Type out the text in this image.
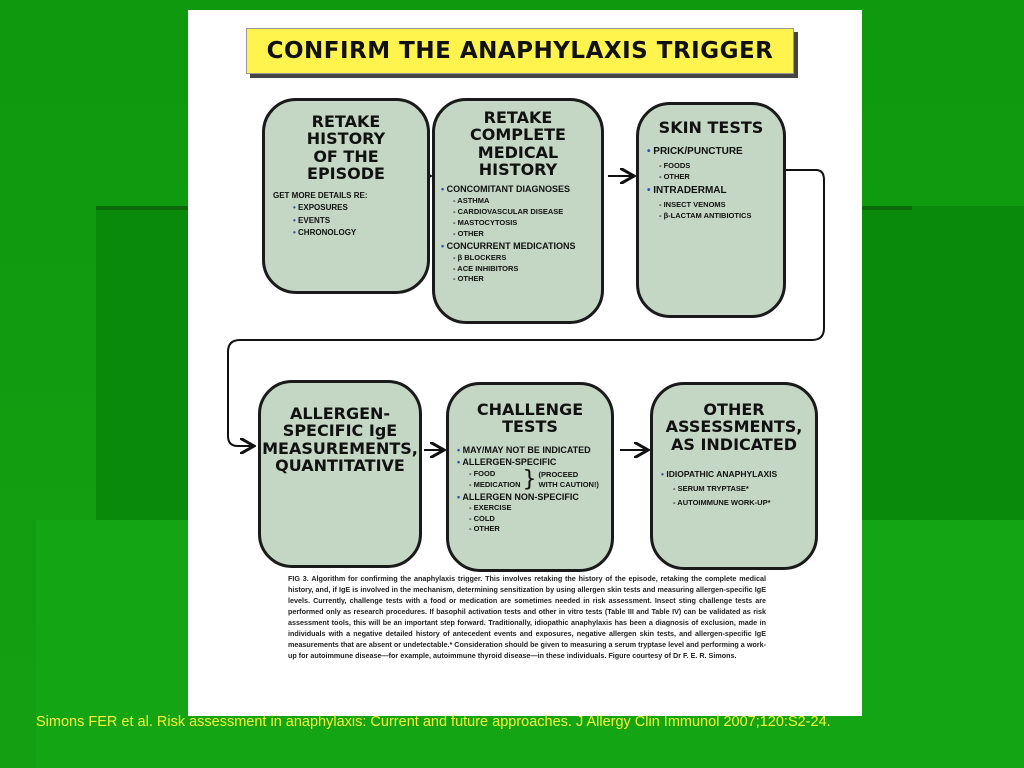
CONFIRM THE ANAPHYLAXIS TRIGGER
RETAKE
HISTORY
OF THE
EPISODE
GET MORE DETAILS RE:
• EXPOSURES
• EVENTS
• CHRONOLOGY
RETAKE
COMPLETE
MEDICAL
HISTORY
• CONCOMITANT DIAGNOSES
- ASTHMA
- CARDIOVASCULAR DISEASE
- MASTOCYTOSIS
- OTHER
• CONCURRENT MEDICATIONS
- β BLOCKERS
- ACE INHIBITORS
- OTHER
SKIN TESTS
• PRICK/PUNCTURE
- FOODS
- OTHER
• INTRADERMAL
- INSECT VENOMS
- β-LACTAM ANTIBIOTICS
ALLERGEN-
SPECIFIC IgE
MEASUREMENTS,
QUANTITATIVE
CHALLENGE
TESTS
• MAY/MAY NOT BE INDICATED
• ALLERGEN-SPECIFIC
- FOOD
- MEDICATION } (PROCEED
WITH CAUTION!)
• ALLERGEN NON-SPECIFIC
- EXERCISE
- COLD
- OTHER
OTHER
ASSESSMENTS,
AS INDICATED
• IDIOPATHIC ANAPHYLAXIS
- SERUM TRYPTASE*
- AUTOIMMUNE WORK-UP*
FIG 3. Algorithm for confirming the anaphylaxis trigger. This involves retaking the history of the episode, retaking the complete medical history, and, if IgE is involved in the mechanism, determining sensitization by using allergen skin tests and measuring allergen-specific IgE levels. Currently, challenge tests with a food or medication are sometimes needed in risk assessment. Insect sting challenge tests are performed only as research procedures. If basophil activation tests and other in vitro tests (Table III and Table IV) can be validated as risk assessment tools, this will be an important step forward. Traditionally, idiopathic anaphylaxis has been a diagnosis of exclusion, made in individuals with a negative detailed history of antecedent events and exposures, negative allergen skin tests, and allergen-specific IgE measurements that are absent or undetectable.* Consideration should be given to measuring a serum tryptase level and performing a work-up for autoimmune disease—for example, autoimmune thyroid disease—in these individuals. Figure courtesy of Dr F. E. R. Simons.
Simons FER et al. Risk assessment in anaphylaxis: Current and future approaches. J Allergy Clin Immunol 2007;120:S2-24.
